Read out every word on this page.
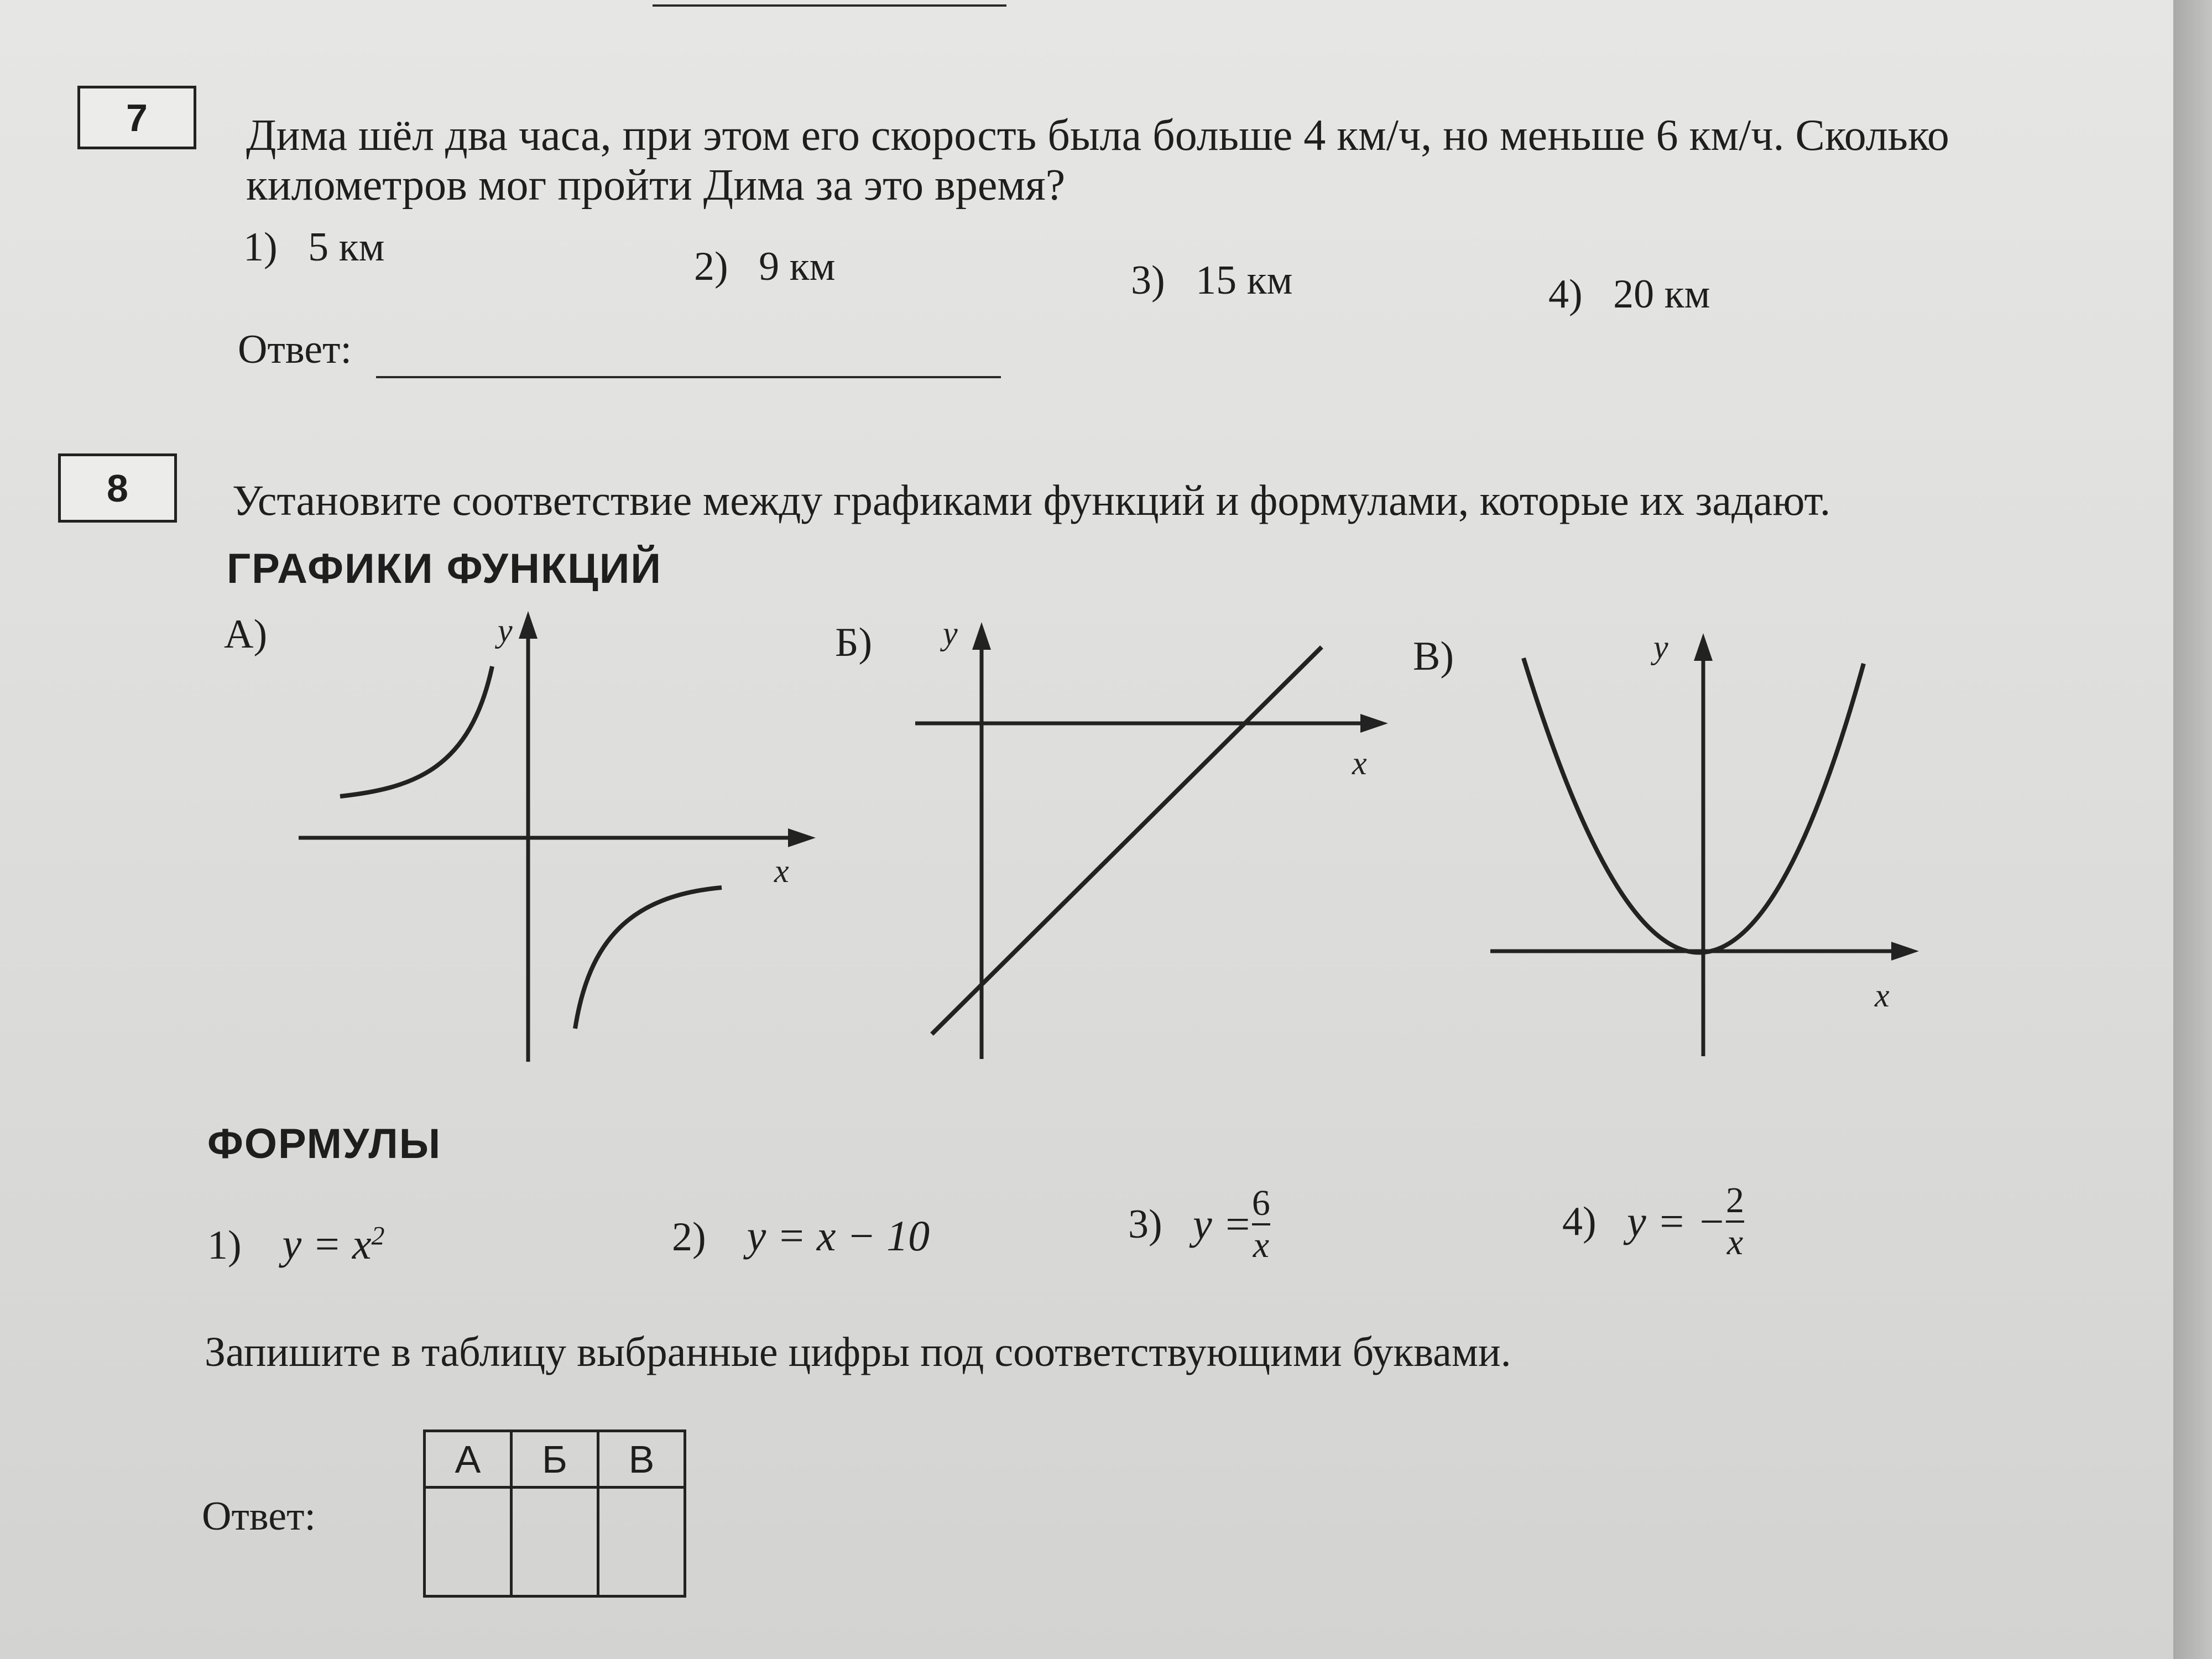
7 Дима шёл два часа, при этом его скорость была больше 4 км/ч, но меньше 6 км/ч. Сколько
километров мог пройти Дима за это время?
1) 5 км	2) 9 км	3) 15 км	4) 20 км
Ответ:
8 Установите соответствие между графиками функций и формулами, которые их задают.
ГРАФИКИ ФУНКЦИЙ
А)
x
y	Б)
x
y
В)
x
y
ФОРМУЛЫ
1) $y = x^2$	2) y = x − 10	3)
$y = \frac{6}{x}$	4)
y = − $\frac{2}{x}$
Запишите в таблицу выбранные цифры под соответствующими буквами.
Ответ:
А	Б	В
